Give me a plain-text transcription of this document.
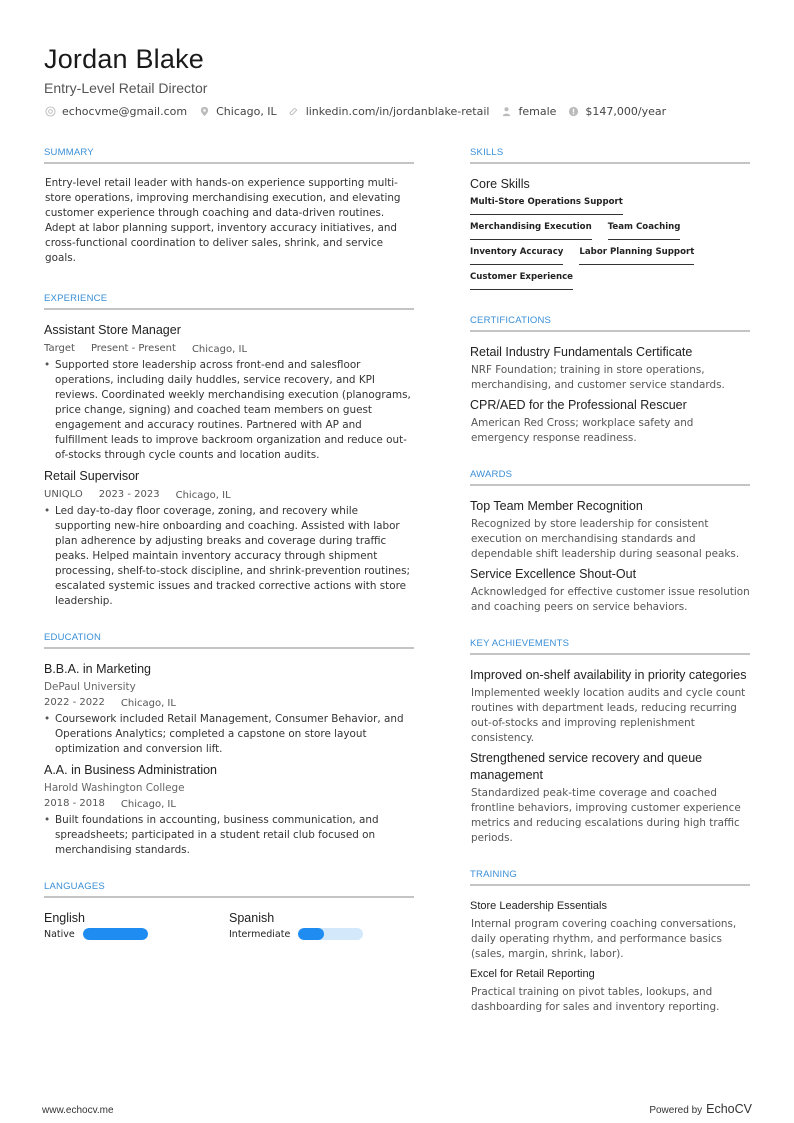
Jordan Blake
Entry-Level Retail Director
echocvme@gmail.com	Chicago, IL	linkedin.com/in/jordanblake-retail	female	$147,000/year
SUMMARY
Entry-level retail leader with hands-on experience supporting multi-store operations, improving merchandising execution, and elevating customer experience through coaching and data-driven routines. Adept at labor planning support, inventory accuracy initiatives, and cross-functional coordination to deliver sales, shrink, and service goals.
EXPERIENCE
Assistant Store Manager
Target Present - Present Chicago, IL
• Supported store leadership across front-end and salesfloor operations, including daily huddles, service recovery, and KPI reviews. Coordinated weekly merchandising execution (planograms, price change, signing) and coached team members on guest engagement and accuracy routines. Partnered with AP and fulfillment leads to improve backroom organization and reduce out-of-stocks through cycle counts and location audits.
Retail Supervisor
UNIQLO 2023 - 2023 Chicago, IL
• Led day-to-day floor coverage, zoning, and recovery while supporting new-hire onboarding and coaching. Assisted with labor plan adherence by adjusting breaks and coverage during traffic peaks. Helped maintain inventory accuracy through shipment processing, shelf-to-stock discipline, and shrink-prevention routines; escalated systemic issues and tracked corrective actions with store leadership.
EDUCATION
B.B.A. in Marketing
DePaul University
2022 - 2022 Chicago, IL
• Coursework included Retail Management, Consumer Behavior, and Operations Analytics; completed a capstone on store layout optimization and conversion lift.
A.A. in Business Administration
Harold Washington College
2018 - 2018 Chicago, IL
• Built foundations in accounting, business communication, and spreadsheets; participated in a student retail club focused on merchandising standards.
LANGUAGES
English
Native
Spanish
Intermediate
SKILLS
Core Skills
Multi-Store Operations Support
Merchandising Execution Team Coaching
Inventory Accuracy Labor Planning Support
Customer Experience
CERTIFICATIONS
Retail Industry Fundamentals Certificate
NRF Foundation; training in store operations, merchandising, and customer service standards.
CPR/AED for the Professional Rescuer
American Red Cross; workplace safety and emergency response readiness.
AWARDS
Top Team Member Recognition
Recognized by store leadership for consistent execution on merchandising standards and dependable shift leadership during seasonal peaks.
Service Excellence Shout-Out
Acknowledged for effective customer issue resolution and coaching peers on service behaviors.
KEY ACHIEVEMENTS
Improved on-shelf availability in priority categories
Implemented weekly location audits and cycle count routines with department leads, reducing recurring out-of-stocks and improving replenishment consistency.
Strengthened service recovery and queue management
Standardized peak-time coverage and coached frontline behaviors, improving customer experience metrics and reducing escalations during high traffic periods.
TRAINING
Store Leadership Essentials
Internal program covering coaching conversations, daily operating rhythm, and performance basics (sales, margin, shrink, labor).
Excel for Retail Reporting
Practical training on pivot tables, lookups, and dashboarding for sales and inventory reporting.
www.echocv.me	Powered by EchoCV
